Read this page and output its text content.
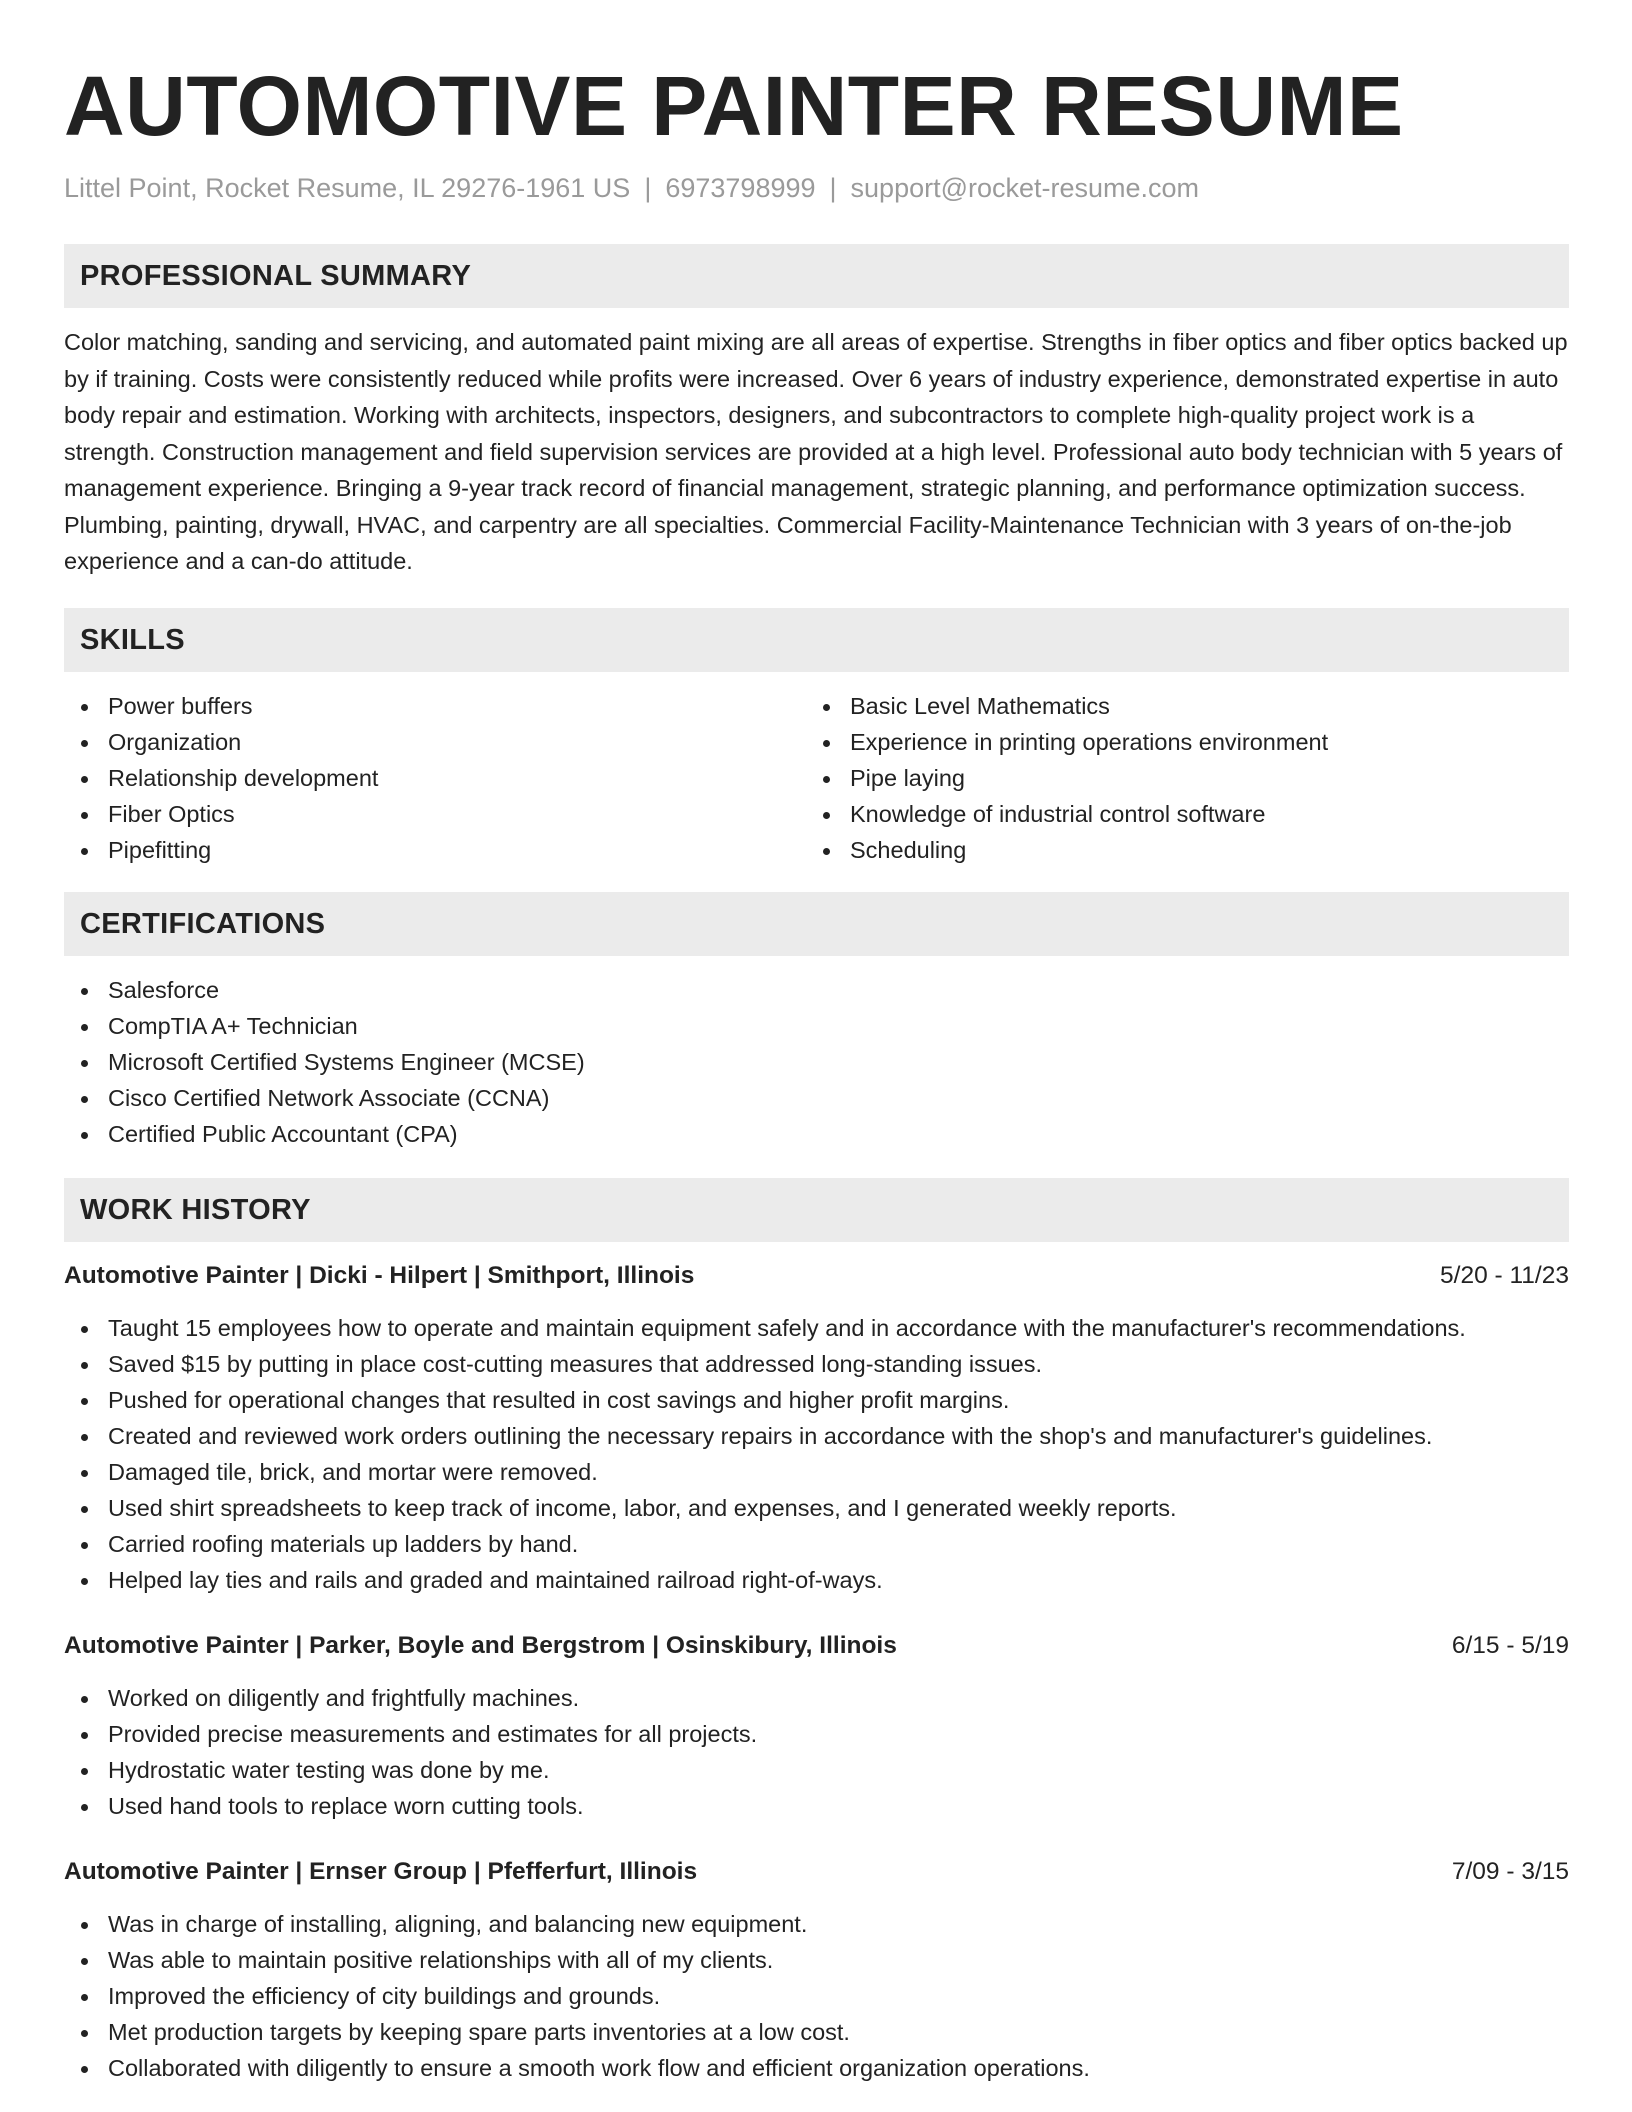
AUTOMOTIVE PAINTER RESUME
Littel Point, Rocket Resume, IL 29276-1961 US | 6973798999 | support@rocket-resume.com
PROFESSIONAL SUMMARY

Color matching, sanding and servicing, and automated paint mixing are all areas of expertise. Strengths in fiber optics and fiber optics backed up by if training. Costs were consistently reduced while profits were increased. Over 6 years of industry experience, demonstrated expertise in auto body repair and estimation. Working with architects, inspectors, designers, and subcontractors to complete high-quality project work is a strength. Construction management and field supervision services are provided at a high level. Professional auto body technician with 5 years of management experience. Bringing a 9-year track record of financial management, strategic planning, and performance optimization success. Plumbing, painting, drywall, HVAC, and carpentry are all specialties. Commercial Facility-Maintenance Technician with 3 years of on-the-job experience and a can-do attitude.

SKILLS
Power buffers
Organization
Relationship development
Fiber Optics
Pipefitting
Basic Level Mathematics
Experience in printing operations environment
Pipe laying
Knowledge of industrial control software
Scheduling
CERTIFICATIONS
Salesforce
CompTIA A+ Technician
Microsoft Certified Systems Engineer (MCSE)
Cisco Certified Network Associate (CCNA)
Certified Public Accountant (CPA)
WORK HISTORY
Automotive Painter | Dicki - Hilpert | Smithport, Illinois	5/20 - 11/23
Taught 15 employees how to operate and maintain equipment safely and in accordance with the manufacturer's recommendations.
Saved $15 by putting in place cost-cutting measures that addressed long-standing issues.
Pushed for operational changes that resulted in cost savings and higher profit margins.
Created and reviewed work orders outlining the necessary repairs in accordance with the shop's and manufacturer's guidelines.
Damaged tile, brick, and mortar were removed.
Used shirt spreadsheets to keep track of income, labor, and expenses, and I generated weekly reports.
Carried roofing materials up ladders by hand.
Helped lay ties and rails and graded and maintained railroad right-of-ways.
Automotive Painter | Parker, Boyle and Bergstrom | Osinskibury, Illinois	6/15 - 5/19
Worked on diligently and frightfully machines.
Provided precise measurements and estimates for all projects.
Hydrostatic water testing was done by me.
Used hand tools to replace worn cutting tools.
Automotive Painter | Ernser Group | Pfefferfurt, Illinois	7/09 - 3/15
Was in charge of installing, aligning, and balancing new equipment.
Was able to maintain positive relationships with all of my clients.
Improved the efficiency of city buildings and grounds.
Met production targets by keeping spare parts inventories at a low cost.
Collaborated with diligently to ensure a smooth work flow and efficient organization operations.
